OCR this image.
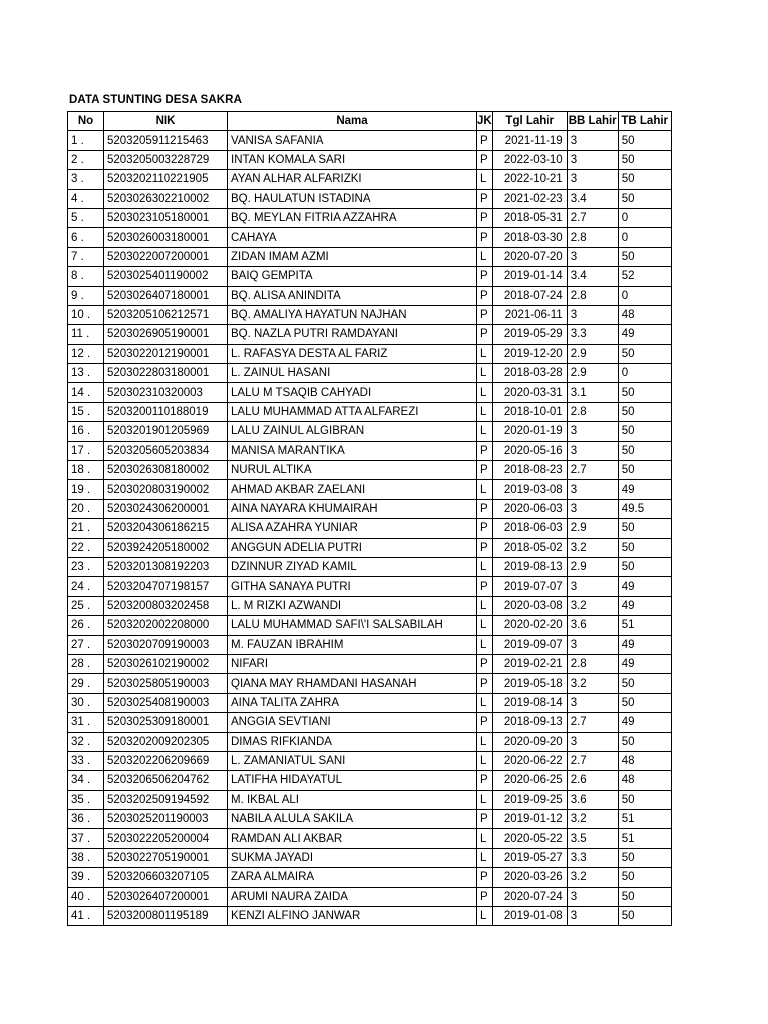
DATA STUNTING DESA SAKRA
No	NIK	Nama	JK	Tgl Lahir	BB Lahir	TB Lahir
1 .	5203205911215463	VANISA SAFANIA	P	2021-11-19	3	50
2 .	5203205003228729	INTAN KOMALA SARI	P	2022-03-10	3	50
3 .	5203202110221905	AYAN ALHAR ALFARIZKI	L	2022-10-21	3	50
4 .	5203026302210002	BQ. HAULATUN ISTADINA	P	2021-02-23	3.4	50
5 .	5203023105180001	BQ. MEYLAN FITRIA AZZAHRA	P	2018-05-31	2.7	0
6 .	5203026003180001	CAHAYA	P	2018-03-30	2.8	0
7 .	5203022007200001	ZIDAN IMAM AZMI	L	2020-07-20	3	50
8 .	5203025401190002	BAIQ GEMPITA	P	2019-01-14	3.4	52
9 .	5203026407180001	BQ. ALISA ANINDITA	P	2018-07-24	2.8	0
10 .	5203205106212571	BQ. AMALIYA HAYATUN NAJHAN	P	2021-06-11	3	48
11 .	5203026905190001	BQ. NAZLA PUTRI RAMDAYANI	P	2019-05-29	3.3	49
12 .	5203022012190001	L. RAFASYA DESTA AL FARIZ	L	2019-12-20	2.9	50
13 .	5203022803180001	L. ZAINUL HASANI	L	2018-03-28	2.9	0
14 .	520302310320003	LALU M TSAQIB CAHYADI	L	2020-03-31	3.1	50
15 .	5203200110188019	LALU MUHAMMAD ATTA ALFAREZI	L	2018-10-01	2.8	50
16 .	5203201901205969	LALU ZAINUL ALGIBRAN	L	2020-01-19	3	50
17 .	5203205605203834	MANISA MARANTIKA	P	2020-05-16	3	50
18 .	5203026308180002	NURUL ALTIKA	P	2018-08-23	2.7	50
19 .	5203020803190002	AHMAD AKBAR ZAELANI	L	2019-03-08	3	49
20 .	5203024306200001	AINA NAYARA KHUMAIRAH	P	2020-06-03	3	49.5
21 .	5203204306186215	ALISA AZAHRA YUNIAR	P	2018-06-03	2.9	50
22 .	5203924205180002	ANGGUN ADELIA PUTRI	P	2018-05-02	3.2	50
23 .	5203201308192203	DZINNUR ZIYAD KAMIL	L	2019-08-13	2.9	50
24 .	5203204707198157	GITHA SANAYA PUTRI	P	2019-07-07	3	49
25 .	5203200803202458	L. M RIZKI AZWANDI	L	2020-03-08	3.2	49
26 .	5203202002208000	LALU MUHAMMAD SAFI\'I SALSABILAH	L	2020-02-20	3.6	51
27 .	5203020709190003	M. FAUZAN IBRAHIM	L	2019-09-07	3	49
28 .	5203026102190002	NIFARI	P	2019-02-21	2.8	49
29 .	5203025805190003	QIANA MAY RHAMDANI HASANAH	P	2019-05-18	3.2	50
30 .	5203025408190003	AINA TALITA ZAHRA	L	2019-08-14	3	50
31 .	5203025309180001	ANGGIA SEVTIANI	P	2018-09-13	2.7	49
32 .	5203202009202305	DIMAS RIFKIANDA	L	2020-09-20	3	50
33 .	5203202206209669	L. ZAMANIATUL SANI	L	2020-06-22	2.7	48
34 .	5203206506204762	LATIFHA HIDAYATUL	P	2020-06-25	2.6	48
35 .	5203202509194592	M. IKBAL ALI	L	2019-09-25	3.6	50
36 .	5203025201190003	NABILA ALULA SAKILA	P	2019-01-12	3.2	51
37 .	5203022205200004	RAMDAN ALI AKBAR	L	2020-05-22	3.5	51
38 .	5203022705190001	SUKMA JAYADI	L	2019-05-27	3.3	50
39 .	5203206603207105	ZARA ALMAIRA	P	2020-03-26	3.2	50
40 .	5203026407200001	ARUMI NAURA ZAIDA	P	2020-07-24	3	50
41 .	5203200801195189	KENZI ALFINO JANWAR	L	2019-01-08	3	50
